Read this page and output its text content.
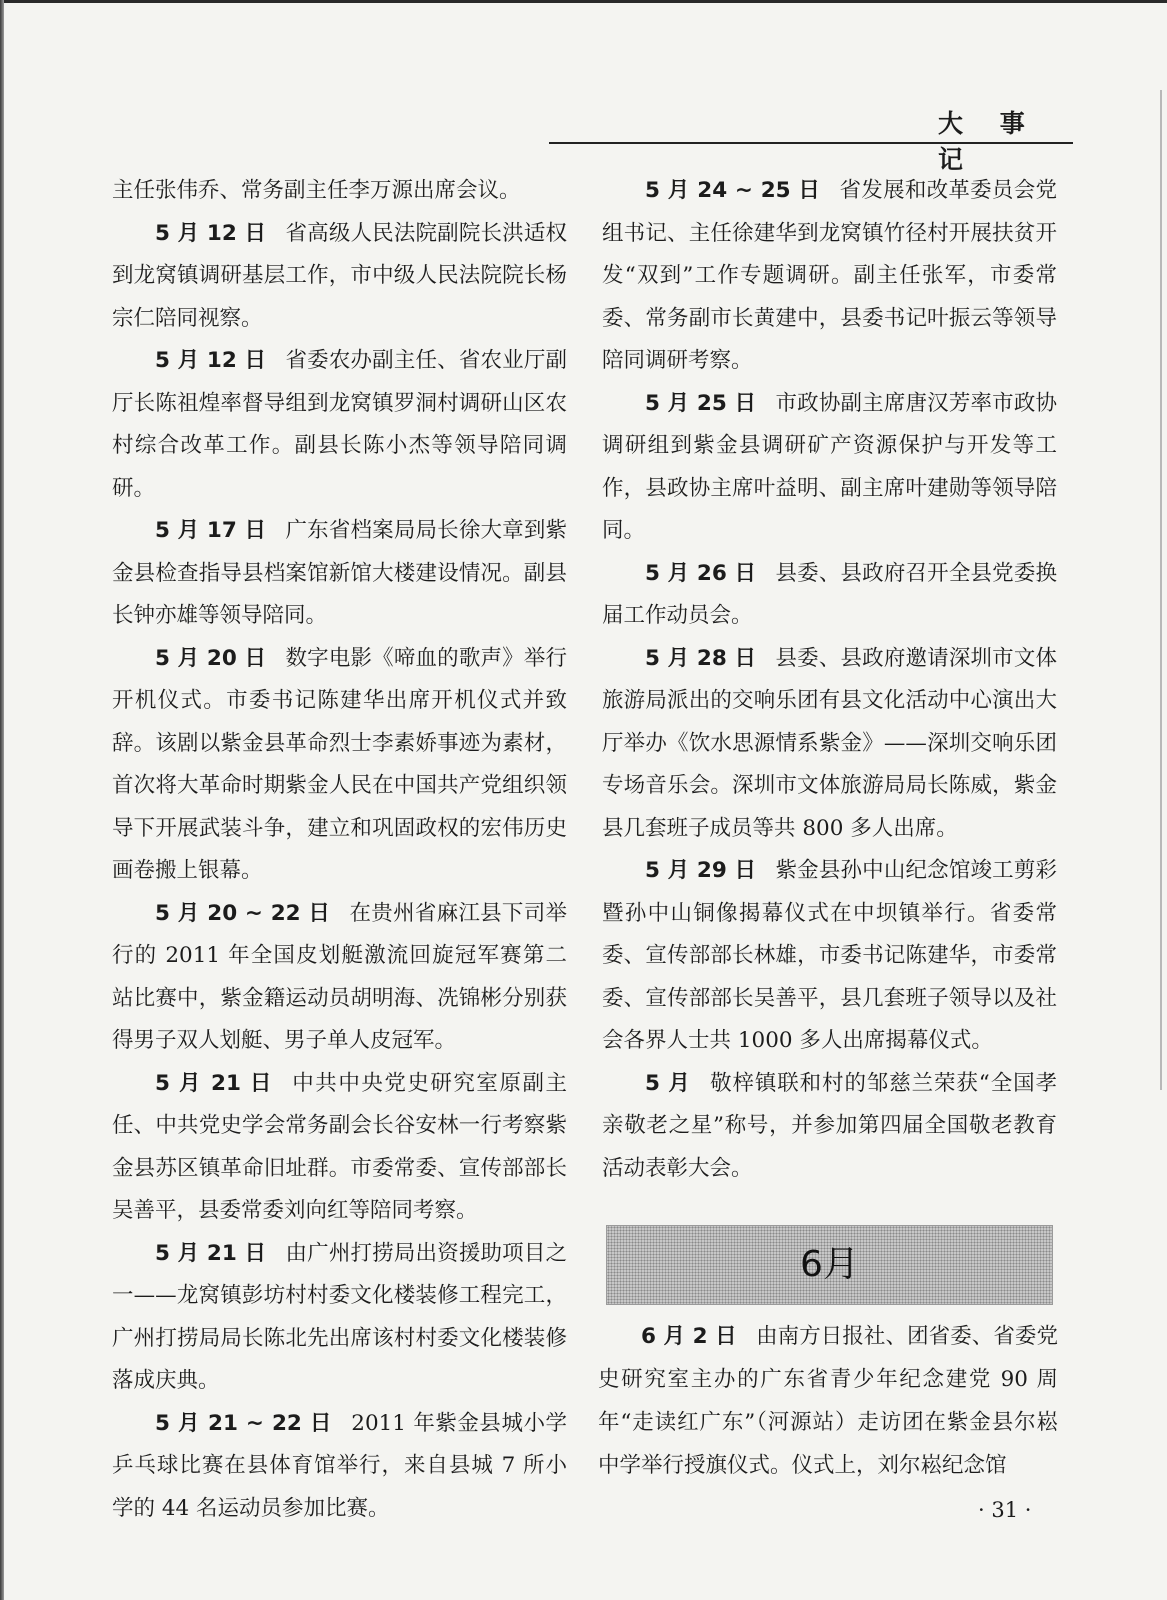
大 事 记

主任张伟乔、常务副主任李万源出席会议。

5 月 12 日 省高级人民法院副院长洪适权到龙窝镇调研基层工作，市中级人民法院院长杨宗仁陪同视察。

5 月 12 日 省委农办副主任、省农业厅副厅长陈祖煌率督导组到龙窝镇罗洞村调研山区农村综合改革工作。副县长陈小杰等领导陪同调研。

5 月 17 日 广东省档案局局长徐大章到紫金县检查指导县档案馆新馆大楼建设情况。副县长钟亦雄等领导陪同。

5 月 20 日 数字电影《啼血的歌声》举行开机仪式。市委书记陈建华出席开机仪式并致辞。该剧以紫金县革命烈士李素娇事迹为素材，首次将大革命时期紫金人民在中国共产党组织领导下开展武装斗争，建立和巩固政权的宏伟历史画卷搬上银幕。

5 月 20 ~ 22 日 在贵州省麻江县下司举行的 2011 年全国皮划艇激流回旋冠军赛第二站比赛中，紫金籍运动员胡明海、冼锦彬分别获得男子双人划艇、男子单人皮冠军。

5 月 21 日 中共中央党史研究室原副主任、中共党史学会常务副会长谷安林一行考察紫金县苏区镇革命旧址群。市委常委、宣传部部长吴善平，县委常委刘向红等陪同考察。

5 月 21 日 由广州打捞局出资援助项目之一——龙窝镇彭坊村村委文化楼装修工程完工，广州打捞局局长陈北先出席该村村委文化楼装修落成庆典。

5 月 21 ~ 22 日 2011 年紫金县城小学乒乓球比赛在县体育馆举行，来自县城 7 所小学的 44 名运动员参加比赛。

5 月 24 ~ 25 日 省发展和改革委员会党组书记、主任徐建华到龙窝镇竹径村开展扶贫开发“双到”工作专题调研。副主任张军，市委常委、常务副市长黄建中，县委书记叶振云等领导陪同调研考察。

5 月 25 日 市政协副主席唐汉芳率市政协调研组到紫金县调研矿产资源保护与开发等工作，县政协主席叶益明、副主席叶建勋等领导陪同。

5 月 26 日 县委、县政府召开全县党委换届工作动员会。

5 月 28 日 县委、县政府邀请深圳市文体旅游局派出的交响乐团有县文化活动中心演出大厅举办《饮水思源情系紫金》——深圳交响乐团专场音乐会。深圳市文体旅游局局长陈威，紫金县几套班子成员等共 800 多人出席。

5 月 29 日 紫金县孙中山纪念馆竣工剪彩暨孙中山铜像揭幕仪式在中坝镇举行。省委常委、宣传部部长林雄，市委书记陈建华，市委常委、宣传部部长吴善平，县几套班子领导以及社会各界人士共 1000 多人出席揭幕仪式。

5 月 敬梓镇联和村的邹慈兰荣获“全国孝亲敬老之星”称号，并参加第四届全国敬老教育活动表彰大会。

6月

6 月 2 日 由南方日报社、团省委、省委党史研究室主办的广东省青少年纪念建党 90 周年“走读红广东”（河源站）走访团在紫金县尔崧中学举行授旗仪式。仪式上，刘尔崧纪念馆

· 31 ·
